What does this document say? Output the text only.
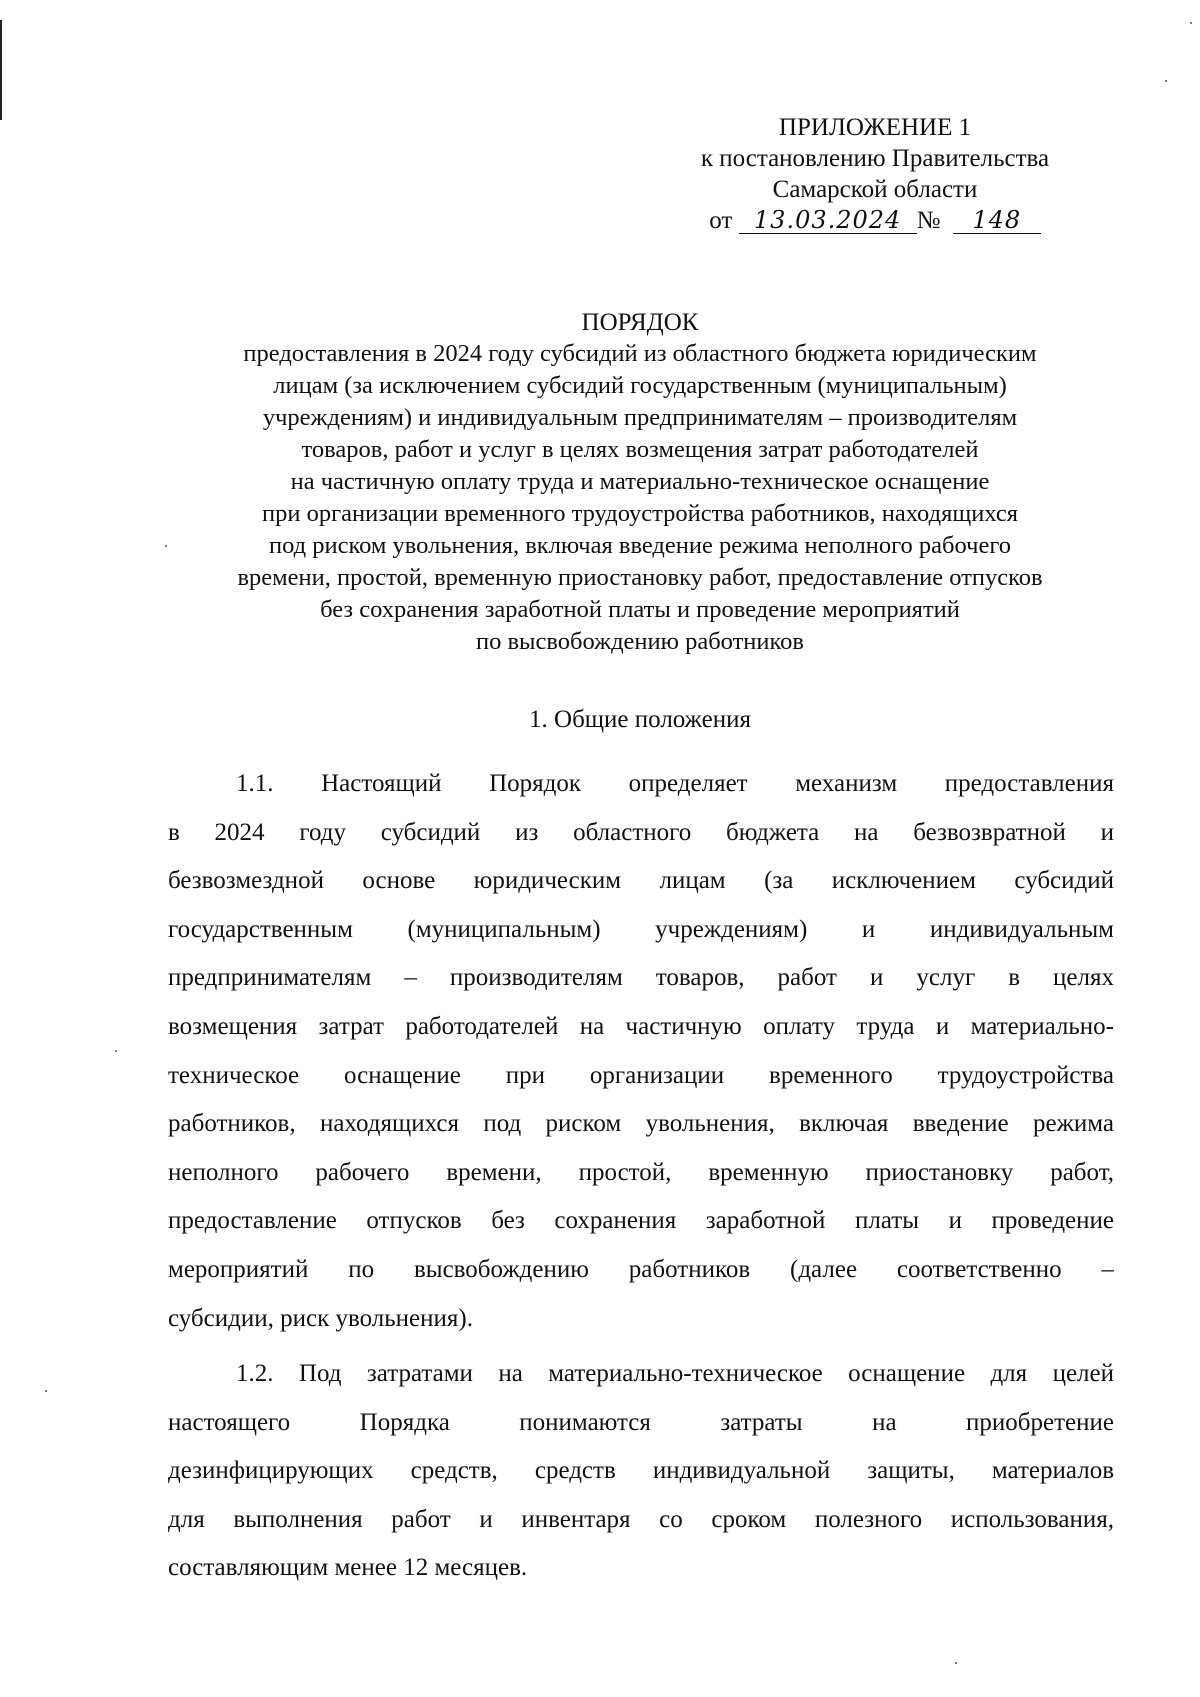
ПРИЛОЖЕНИЕ 1
к постановлению Правительства
Самарской области
от 13.03.2024 № 148
ПОРЯДОК
предоставления в 2024 году субсидий из областного бюджета юридическим
лицам (за исключением субсидий государственным (муниципальным)
учреждениям) и индивидуальным предпринимателям – производителям
товаров, работ и услуг в целях возмещения затрат работодателей
на частичную оплату труда и материально-техническое оснащение
при организации временного трудоустройства работников, находящихся
под риском увольнения, включая введение режима неполного рабочего
времени, простой, временную приостановку работ, предоставление отпусков
без сохранения заработной платы и проведение мероприятий
по высвобождению работников
1. Общие положения
1.1. Настоящий Порядок определяет механизм предоставления
в 2024 году субсидий из областного бюджета на безвозвратной и
безвозмездной основе юридическим лицам (за исключением субсидий
государственным (муниципальным) учреждениям) и индивидуальным
предпринимателям – производителям товаров, работ и услуг в целях
возмещения затрат работодателей на частичную оплату труда и материально-
техническое оснащение при организации временного трудоустройства
работников, находящихся под риском увольнения, включая введение режима
неполного рабочего времени, простой, временную приостановку работ,
предоставление отпусков без сохранения заработной платы и проведение
мероприятий по высвобождению работников (далее соответственно –
субсидии, риск увольнения).
1.2. Под затратами на материально-техническое оснащение для целей
настоящего Порядка понимаются затраты на приобретение
дезинфицирующих средств, средств индивидуальной защиты, материалов
для выполнения работ и инвентаря со сроком полезного использования,
составляющим менее 12 месяцев.
